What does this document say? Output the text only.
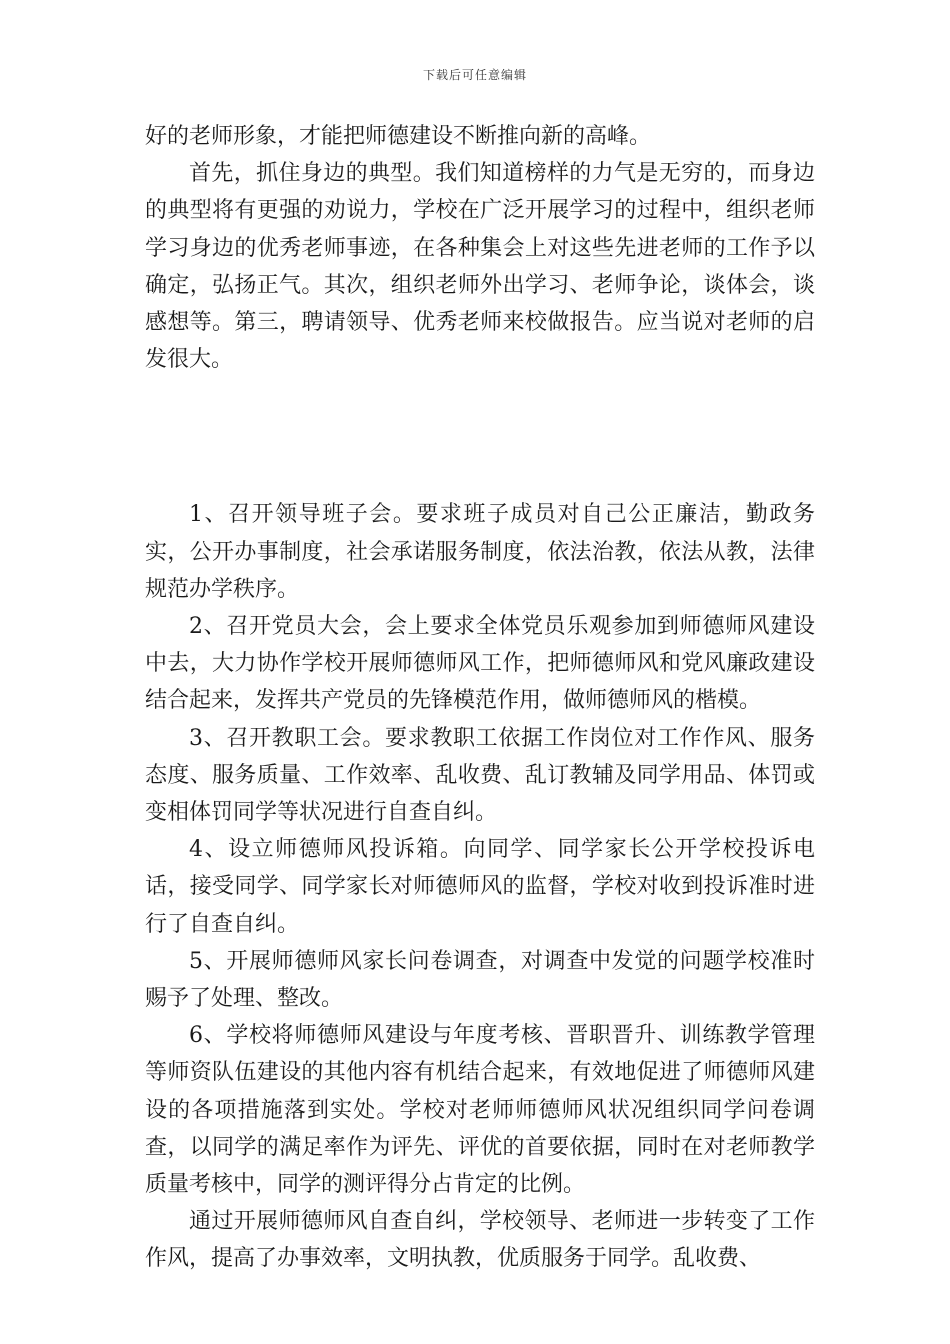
下载后可任意编辑

好的老师形象，才能把师德建设不断推向新的高峰。

首先，抓住身边的典型。我们知道榜样的力气是无穷的，而身边的典型将有更强的劝说力，学校在广泛开展学习的过程中，组织老师学习身边的优秀老师事迹，在各种集会上对这些先进老师的工作予以确定，弘扬正气。其次，组织老师外出学习、老师争论，谈体会，谈感想等。第三，聘请领导、优秀老师来校做报告。应当说对老师的启发很大。

1、召开领导班子会。要求班子成员对自己公正廉洁，勤政务实，公开办事制度，社会承诺服务制度，依法治教，依法从教，法律规范办学秩序。

2、召开党员大会，会上要求全体党员乐观参加到师德师风建设中去，大力协作学校开展师德师风工作，把师德师风和党风廉政建设结合起来，发挥共产党员的先锋模范作用，做师德师风的楷模。

3、召开教职工会。要求教职工依据工作岗位对工作作风、服务态度、服务质量、工作效率、乱收费、乱订教辅及同学用品、体罚或变相体罚同学等状况进行自查自纠。

4、设立师德师风投诉箱。向同学、同学家长公开学校投诉电话，接受同学、同学家长对师德师风的监督，学校对收到投诉准时进行了自查自纠。

5、开展师德师风家长问卷调查，对调查中发觉的问题学校准时赐予了处理、整改。

6、学校将师德师风建设与年度考核、晋职晋升、训练教学管理等师资队伍建设的其他内容有机结合起来，有效地促进了师德师风建设的各项措施落到实处。学校对老师师德师风状况组织同学问卷调查，以同学的满足率作为评先、评优的首要依据，同时在对老师教学质量考核中，同学的测评得分占肯定的比例。

通过开展师德师风自查自纠，学校领导、老师进一步转变了工作作风，提高了办事效率，文明执教，优质服务于同学。乱收费、
